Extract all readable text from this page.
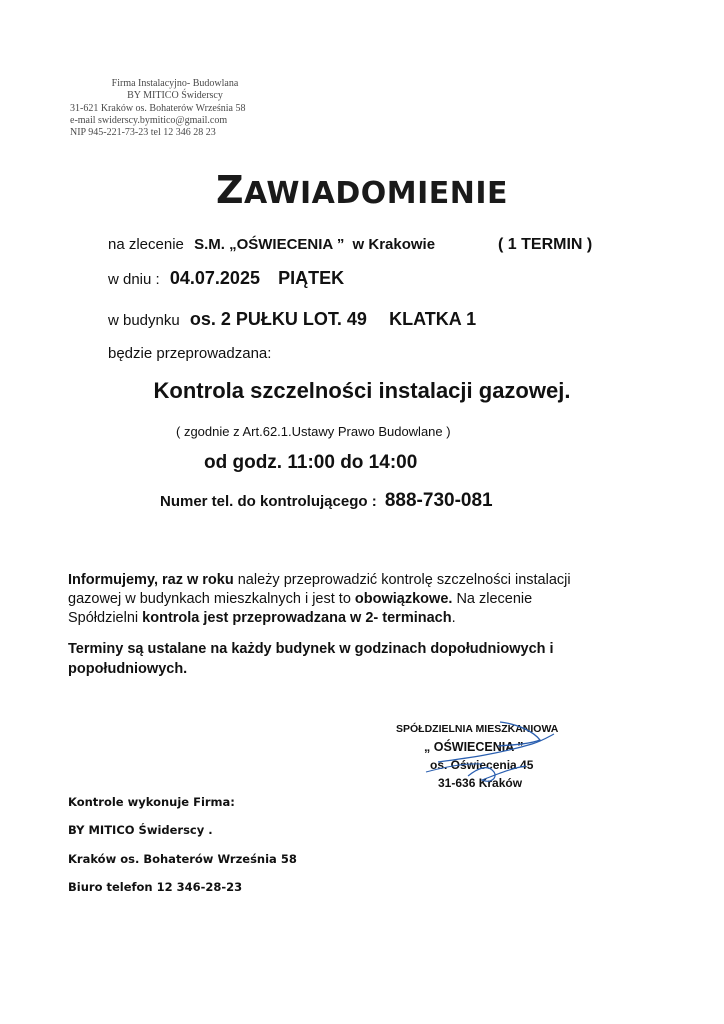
Firma Instalacyjno- Budowlana
BY MITICO Świderscy
31-621 Kraków os. Bohaterów Września 58
e-mail swiderscy.bymitico@gmail.com
NIP 945-221-73-23 tel 12 346 28 23
ZAWIADOMIENIE
na zlecenie S.M. „OŚWIECENIA ” w Krakowie	( 1 TERMIN )
w dniu : 04.07.2025 PIĄTEK
w budynku os. 2 PUŁKU LOT. 49 KLATKA 1
będzie przeprowadzana:
Kontrola szczelności instalacji gazowej.
( zgodnie z Art.62.1.Ustawy Prawo Budowlane )
od godz. 11:00 do 14:00
Numer tel. do kontrolującego : 888-730-081
Informujemy, raz w roku należy przeprowadzić kontrolę szczelności instalacji
gazowej w budynkach mieszkalnych i jest to obowiązkowe. Na zlecenie
Spółdzielni kontrola jest przeprowadzana w 2- terminach.
Terminy są ustalane na każdy budynek w godzinach dopołudniowych i
popołudniowych.
SPÓŁDZIELNIA MIESZKANIOWA
„ OŚWIECENIA ”
os. Oświecenia 45
31-636 Kraków
Kontrole wykonuje Firma:
BY MITICO Świderscy .
Kraków os. Bohaterów Września 58
Biuro telefon 12 346-28-23
